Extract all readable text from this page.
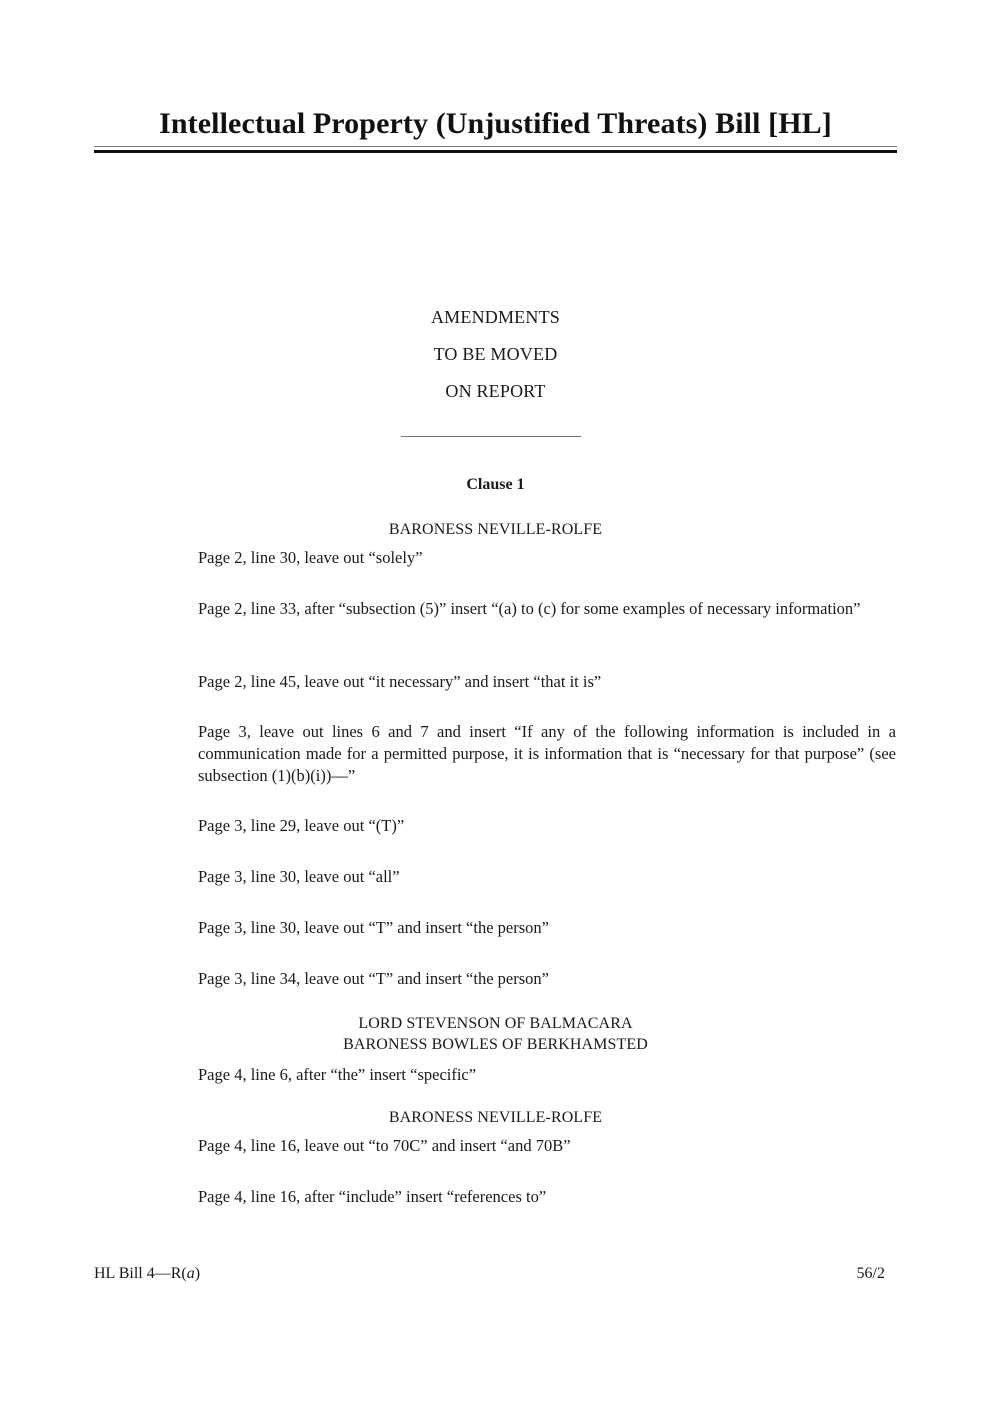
Intellectual Property (Unjustified Threats) Bill [HL]
AMENDMENTS
TO BE MOVED
ON REPORT
Clause 1
BARONESS NEVILLE-ROLFE
Page 2, line 30, leave out “solely”
Page 2, line 33, after “subsection (5)” insert “(a) to (c) for some examples of necessary information”
Page 2, line 45, leave out “it necessary” and insert “that it is”
Page 3, leave out lines 6 and 7 and insert “If any of the following information is included in a communication made for a permitted purpose, it is information that is “necessary for that purpose” (see subsection (1)(b)(i))—”
Page 3, line 29, leave out “(T)”
Page 3, line 30, leave out “all”
Page 3, line 30, leave out “T” and insert “the person”
Page 3, line 34, leave out “T” and insert “the person”
LORD STEVENSON OF BALMACARA
BARONESS BOWLES OF BERKHAMSTED
Page 4, line 6, after “the” insert “specific”
BARONESS NEVILLE-ROLFE
Page 4, line 16, leave out “to 70C” and insert “and 70B”
Page 4, line 16, after “include” insert “references to”
HL Bill 4—R(a)	56/2
